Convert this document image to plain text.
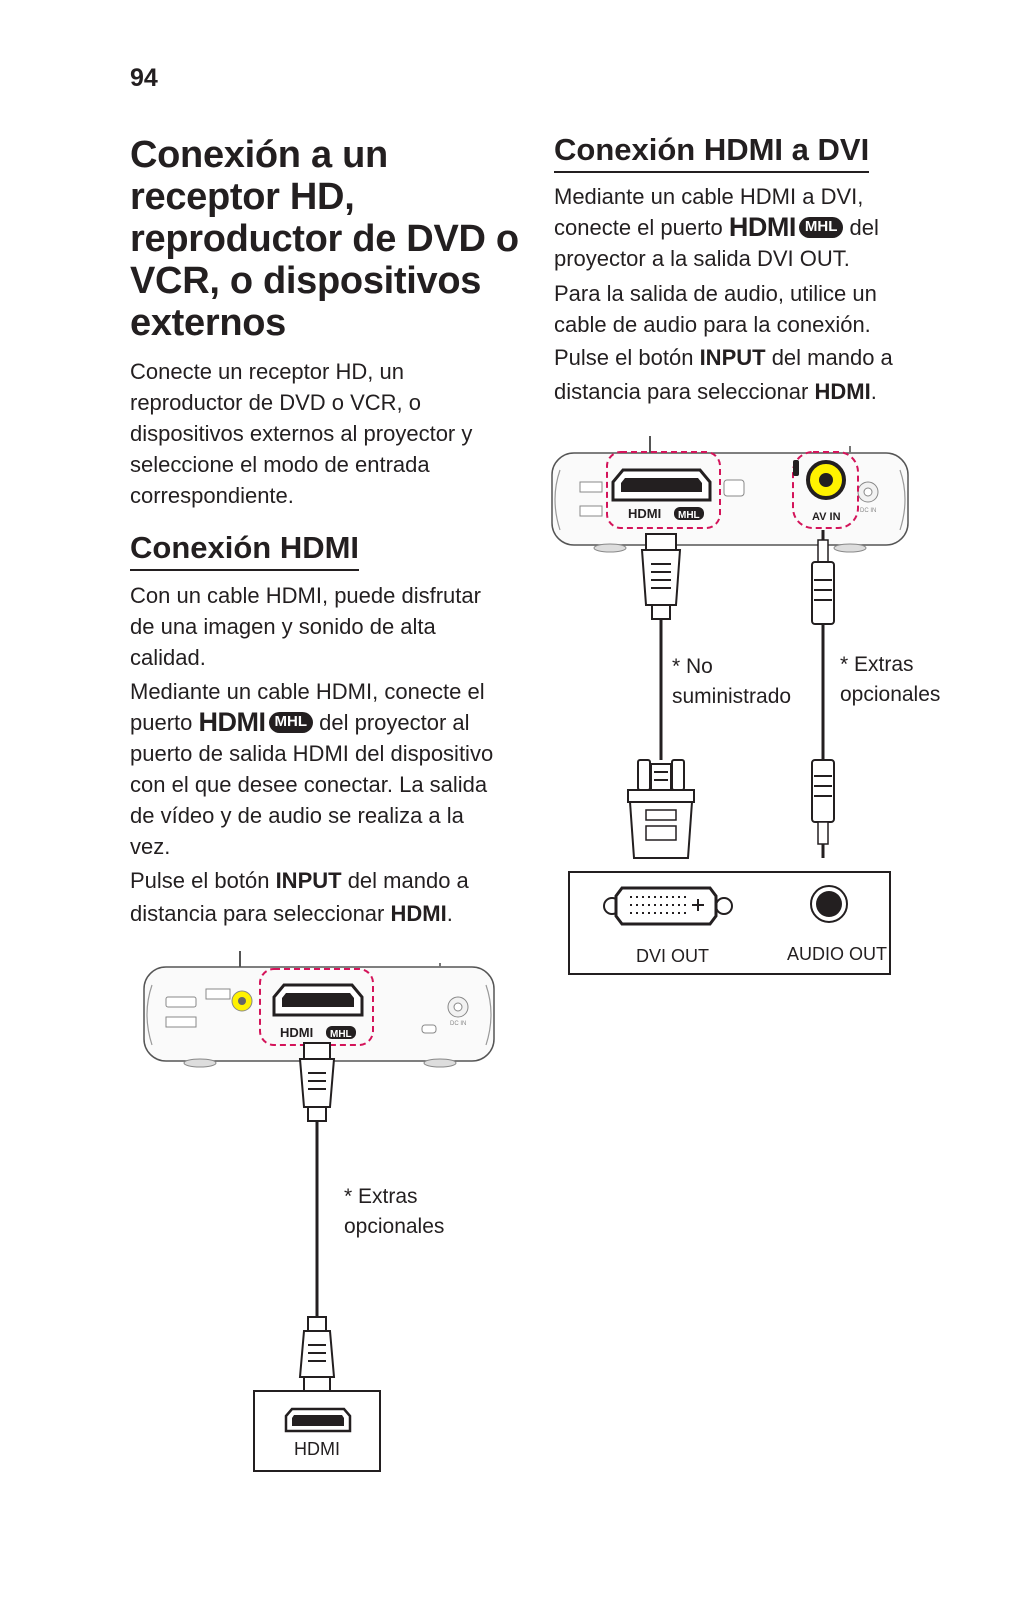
94
Conexión a un receptor HD, reproductor de DVD o VCR, o dispositivos externos
Conecte un receptor HD, un reproductor de DVD o VCR, o dispositivos externos al proyector y seleccione el modo de entrada correspondiente.
Conexión HDMI
Con un cable HDMI, puede disfrutar de una imagen y sonido de alta calidad.
Mediante un cable HDMI, conecte el puerto HDMI MHL del proyector al puerto de salida HDMI del dispositivo con el que desee conectar. La salida de vídeo y de audio se realiza a la vez.
Pulse el botón INPUT del mando a distancia para seleccionar HDMI.
Conexión HDMI a DVI
Mediante un cable HDMI a DVI, conecte el puerto HDMI MHL del proyector a la salida DVI OUT.
Para la salida de audio, utilice un cable de audio para la conexión.
Pulse el botón INPUT del mando a distancia para seleccionar HDMI.
DC IN
HDMI MHL	AV IN
DVI OUT	AUDIO OUT
* No suministrado
* Extras opcionales
DC IN
HDMI MHL
HDMI
* Extras opcionales
